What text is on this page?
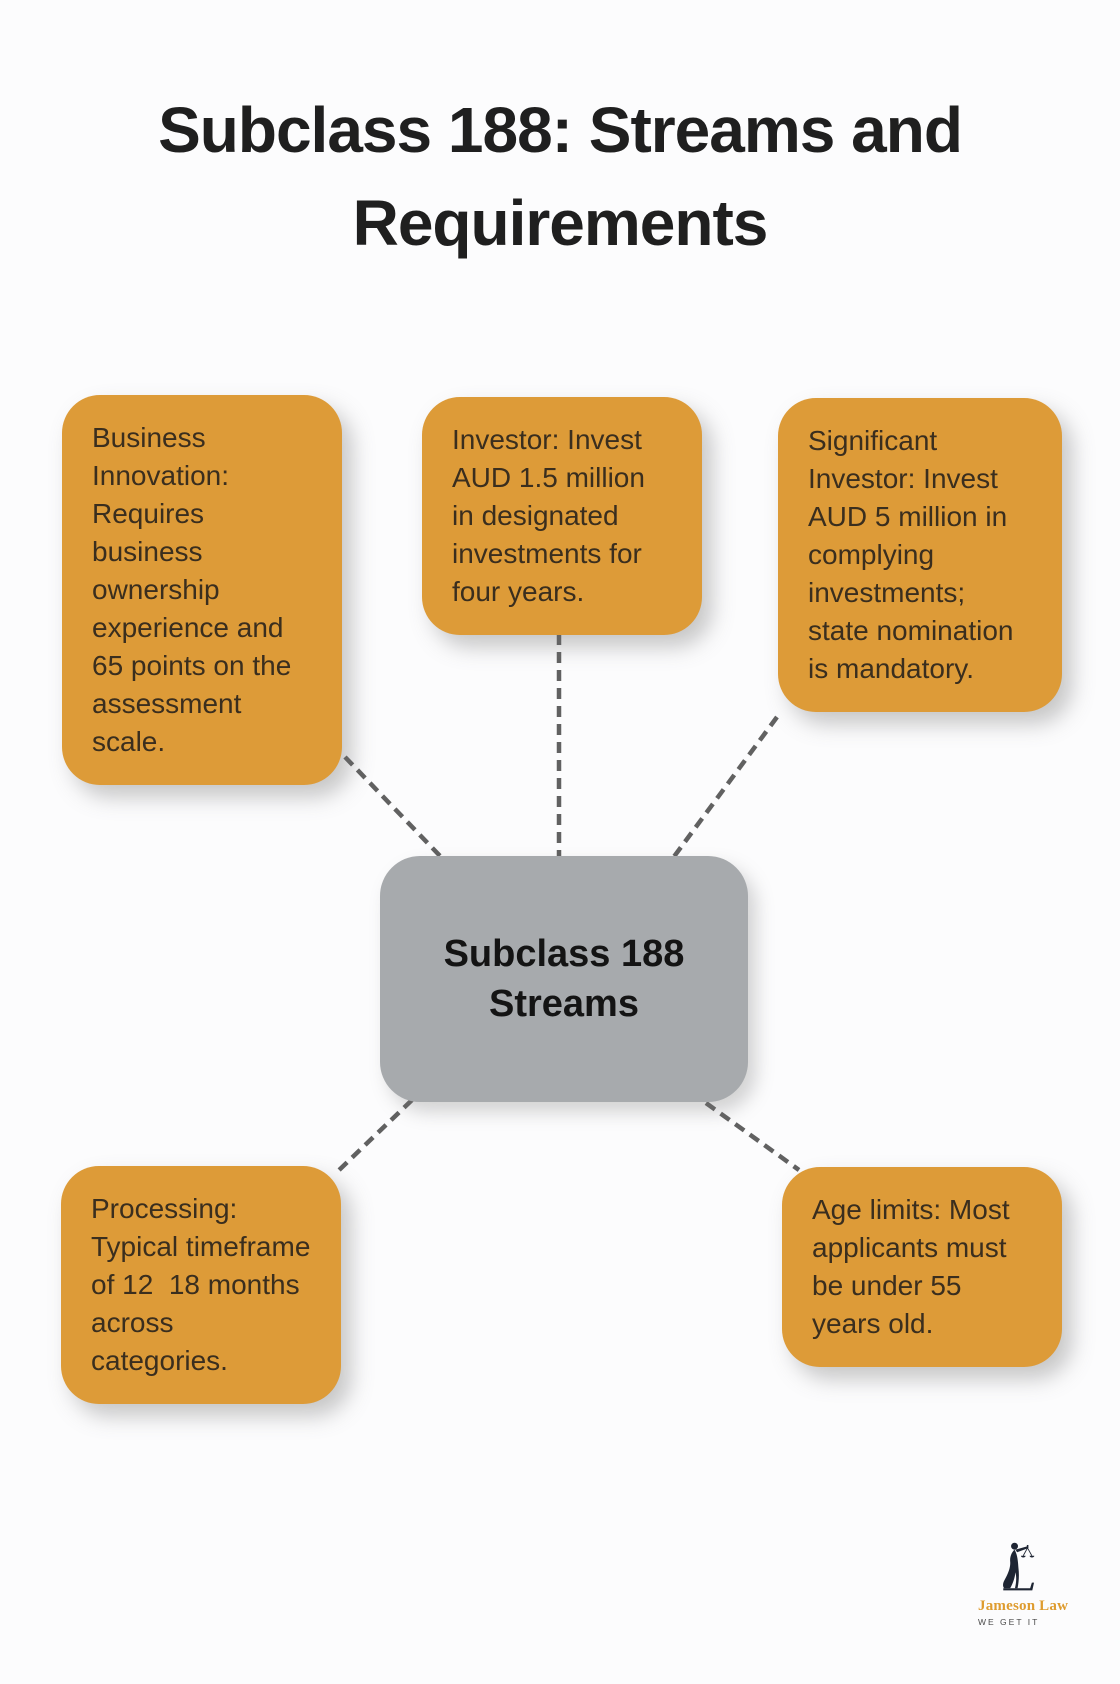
Subclass 188: Streams and Requirements
Business Innovation: Requires business ownership experience and 65 points on the assessment scale.
Investor: Invest AUD 1.5 million in designated investments for four years.
Significant Investor: Invest AUD 5 million in complying investments; state nomination is mandatory.
Processing: Typical timeframe of 12  18 months across categories.
Age limits: Most applicants must be under 55 years old.
Subclass 188 Streams
Jameson Law
WE GET IT
